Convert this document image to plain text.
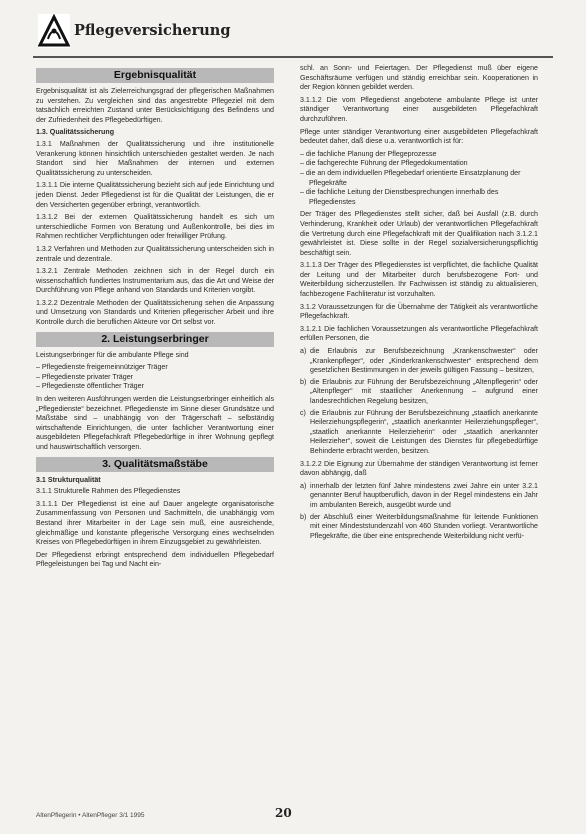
Pflegeversicherung
Ergebnisqualität

Ergebnisqualität ist als Zielerreichungsgrad der pflegerischen Maßnahmen zu verstehen. Zu vergleichen sind das angestrebte Pflegeziel mit dem tatsächlich erreichten Zustand unter Berücksichtigung des Befindens und der Zufriedenheit des Pflegebedürftigen.

1.3. Qualitätssicherung

1.3.1 Maßnahmen der Qualitätssicherung und ihre institutionelle Verankerung können hinsichtlich unterschieden gestaltet werden. Je nach Standort sind hier Maßnahmen der internen und externen Qualitätssicherung zu unterscheiden.

1.3.1.1 Die interne Qualitätssicherung bezieht sich auf jede Einrichtung und jeden Dienst. Jeder Pflegedienst ist für die Qualität der Leistungen, die er den Versicherten gegenüber erbringt, verantwortlich.

1.3.1.2 Bei der externen Qualitätssicherung handelt es sich um unterschiedliche Formen von Beratung und Außenkontrolle, bei dies im Rahmen rechtlicher Verpflichtungen oder freiwilliger Prüfung.

1.3.2 Verfahren und Methoden zur Qualitätssicherung unterscheiden sich in zentrale und dezentrale.

1.3.2.1 Zentrale Methoden zeichnen sich in der Regel durch ein wissenschaftlich fundiertes Instrumentarium aus, das die Art und Weise der Durchführung von Pflege anhand von Standards und Kriterien vorgibt.

1.3.2.2 Dezentrale Methoden der Qualitätssicherung sehen die Anpassung und Umsetzung von Standards und Kriterien pflegerischer Arbeit und ihre Kontrolle durch die beruflichen Akteure vor Ort selbst vor.

2. Leistungserbringer

Leistungserbringer für die ambulante Pflege sind

– Pflegedienste freigemeinnütziger Träger
– Pflegedienste privater Träger
– Pflegedienste öffentlicher Träger

In den weiteren Ausführungen werden die Leistungserbringer einheitlich als „Pflegedienste“ bezeichnet. Pflegedienste im Sinne dieser Grundsätze und Maßstäbe sind – unabhängig von der Trägerschaft – selbständig wirtschaftende Einrichtungen, die unter fachlicher Verantwortung einer ausgebildeten Pflegefachkraft Pflegebedürftige in ihrer Wohnung gepflegt und hauswirtschaftlich versorgen.

3. Qualitätsmaßstäbe
3.1 Strukturqualität

3.1.1 Strukturelle Rahmen des Pflegedienstes

3.1.1.1 Der Pflegedienst ist eine auf Dauer angelegte organisatorische Zusammenfassung von Personen und Sachmitteln, die unabhängig vom Bestand ihrer Mitarbeiter in der Lage sein muß, eine ausreichende, gleichmäßige und konstante pflegerische Versorgung eines wechselnden Kreises von Pflegebedürftigen in ihrem Einzugsgebiet zu gewährleisten.

Der Pflegedienst erbringt entsprechend dem individuellen Pflegebedarf Pflegeleistungen bei Tag und Nacht ein-

schl. an Sonn- und Feiertagen. Der Pflegedienst muß über eigene Geschäftsräume verfügen und ständig erreichbar sein. Kooperationen in der Region können gebildet werden.

3.1.1.2 Die vom Pflegedienst angebotene ambulante Pflege ist unter ständiger Verantwortung einer ausgebildeten Pflegefachkraft durchzuführen.

Pflege unter ständiger Verantwortung einer ausgebildeten Pflegefachkraft bedeutet daher, daß diese u.a. verantwortlich ist für:

– die fachliche Planung der Pflegeprozesse
– die fachgerechte Führung der Pflegedokumentation
– die an dem individuellen Pflegebedarf orientierte Einsatzplanung der Pflegekräfte
– die fachliche Leitung der Dienstbesprechungen innerhalb des Pflegedienstes

Der Träger des Pflegedienstes stellt sicher, daß bei Ausfall (z.B. durch Verhinderung, Krankheit oder Urlaub) der verantwortlichen Pflegefachkraft die Vertretung durch eine Pflegefachkraft mit der Qualifikation nach 3.1.2.1 gewährleistet ist. Diese sollte in der Regel sozialversicherungspflichtig beschäftigt sein.

3.1.1.3 Der Träger des Pflegedienstes ist verpflichtet, die fachliche Qualität der Leitung und der Mitarbeiter durch berufsbezogene Fort- und Weiterbildung sicherzustellen. Ihr Fachwissen ist ständig zu aktualisieren, fachbezogene Fachliteratur ist vorzuhalten.

3.1.2 Voraussetzungen für die Übernahme der Tätigkeit als verantwortliche Pflegefachkraft.

3.1.2.1 Die fachlichen Voraussetzungen als verantwortliche Pflegefachkraft erfüllen Personen, die

a) die Erlaubnis zur Berufsbezeichnung „Krankenschwester“ oder „Krankenpfleger“, oder „Kinderkrankenschwester“ entsprechend dem gesetzlichen Bestimmungen in der jeweils gültigen Fassung – besitzen,
b) die Erlaubnis zur Führung der Berufsbezeichnung „Altenpflegerin“ oder „Altenpfleger“ mit staatlicher Anerkennung – aufgrund einer landesrechtlichen Regelung besitzen,
c) die Erlaubnis zur Führung der Berufsbezeichnung „staatlich anerkannte Heilerziehungspflegerin“, „staatlich anerkannter Heilerziehungspfleger“, „staatlich anerkannte Heilerzieherin“ oder „staatlich anerkannter Heilerzieher“, soweit die Leistungen des Dienstes für pflegebedürftige Behinderte erbracht werden, besitzen.

3.1.2.2 Die Eignung zur Übernahme der ständigen Verantwortung ist ferner davon abhängig, daß

a) innerhalb der letzten fünf Jahre mindestens zwei Jahre ein unter 3.2.1 genannter Beruf hauptberuflich, davon in der Regel mindestens ein Jahr im ambulanten Bereich, ausgeübt wurde und
b) der Abschluß einer Weiterbildungsmaßnahme für leitende Funktionen mit einer Mindeststundenzahl von 460 Stunden vorliegt. Verantwortliche Pflegekräfte, die über eine entsprechende Weiterbildung nicht verfü-
AltenPflegerin • AltenPfleger 3/1 1995	20
